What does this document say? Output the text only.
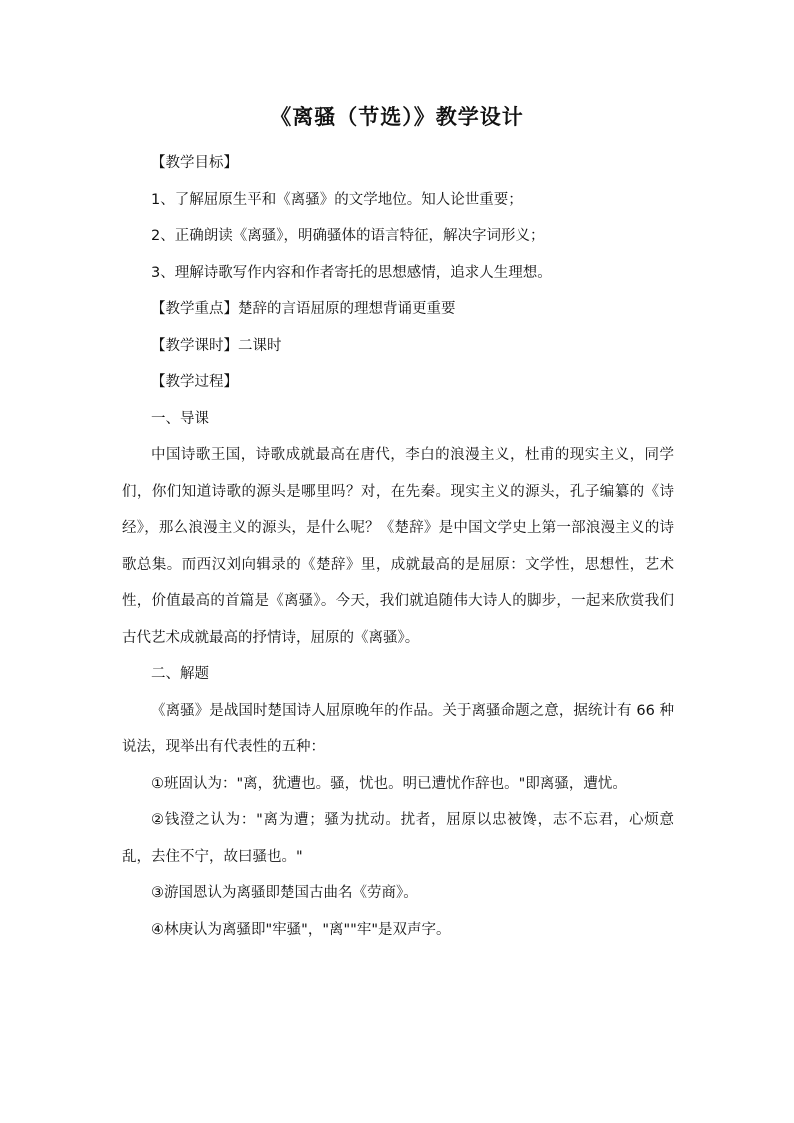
《离骚（节选）》教学设计

【教学目标】

1、了解屈原生平和《离骚》的文学地位。知人论世重要；

2、正确朗读《离骚》，明确骚体的语言特征，解决字词形义；

3、理解诗歌写作内容和作者寄托的思想感情，追求人生理想。

【教学重点】楚辞的言语屈原的理想背诵更重要

【教学课时】二课时

【教学过程】

一、导课

中国诗歌王国，诗歌成就最高在唐代，李白的浪漫主义，杜甫的现实主义，同学们，你们知道诗歌的源头是哪里吗？对，在先秦。现实主义的源头，孔子编纂的《诗经》，那么浪漫主义的源头，是什么呢？《楚辞》是中国文学史上第一部浪漫主义的诗歌总集。而西汉刘向辑录的《楚辞》里，成就最高的是屈原：文学性，思想性，艺术性，价值最高的首篇是《离骚》。今天，我们就追随伟大诗人的脚步，一起来欣赏我们古代艺术成就最高的抒情诗，屈原的《离骚》。

二、解题

《离骚》是战国时楚国诗人屈原晚年的作品。关于离骚命题之意，据统计有 66 种说法，现举出有代表性的五种：

①班固认为："离，犹遭也。骚，忧也。明已遭忧作辞也。"即离骚，遭忧。

②钱澄之认为："离为遭；骚为扰动。扰者，屈原以忠被馋，志不忘君，心烦意乱，去住不宁，故曰骚也。"

③游国恩认为离骚即楚国古曲名《劳商》。

④林庚认为离骚即"牢骚"，"离""牢"是双声字。
